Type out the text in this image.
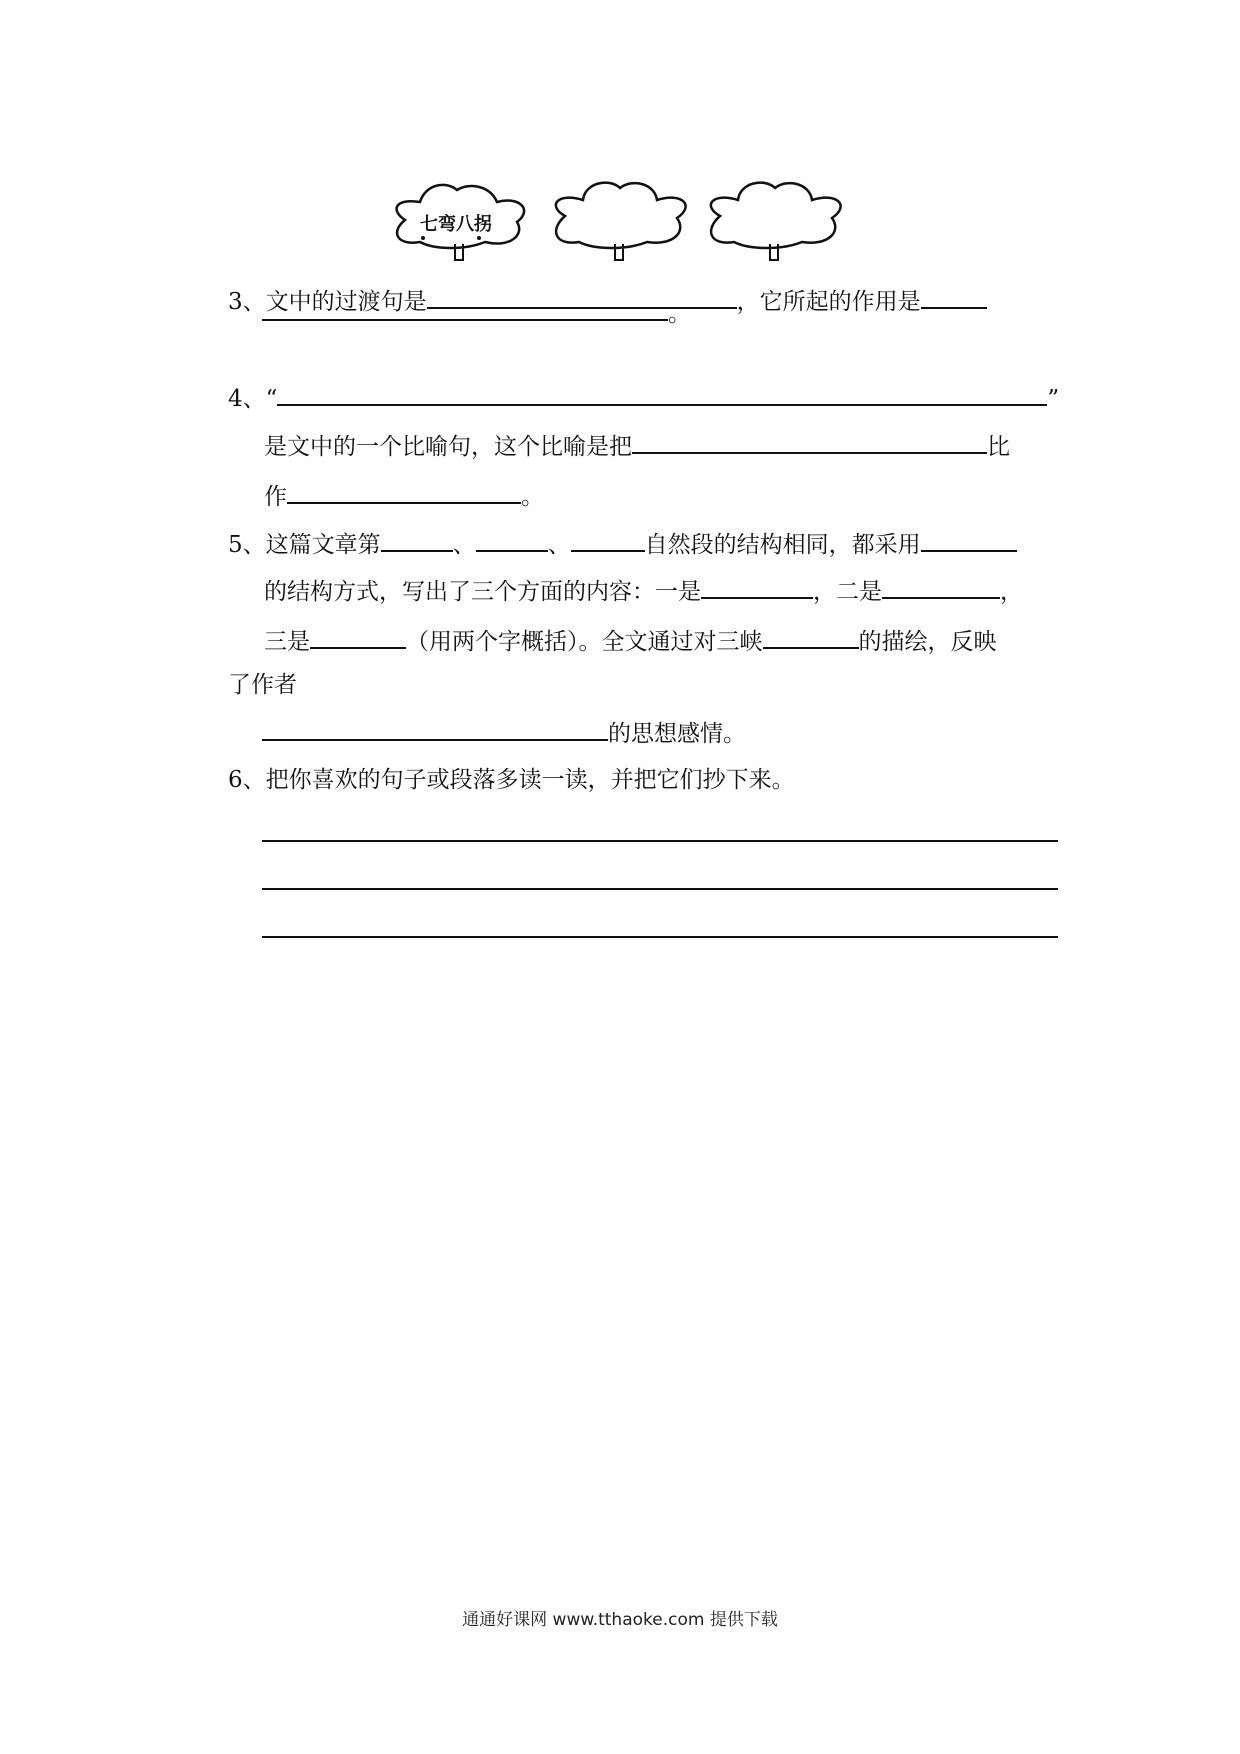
七弯八拐
3、文中的过渡句是	，它所起的作用是
。
4、“	”
是文中的一个比喻句，这个比喻是把	比
作	。
5、这篇文章第	、	、	自然段的结构相同，都采用
的结构方式，写出了三个方面的内容：一是	，二是	，
三是	（用两个字概括）。全文通过对三峡	的描绘，反映
了作者
的思想感情。
6、把你喜欢的句子或段落多读一读，并把它们抄下来。
通通好课网 www.tthaoke.com 提供下载
